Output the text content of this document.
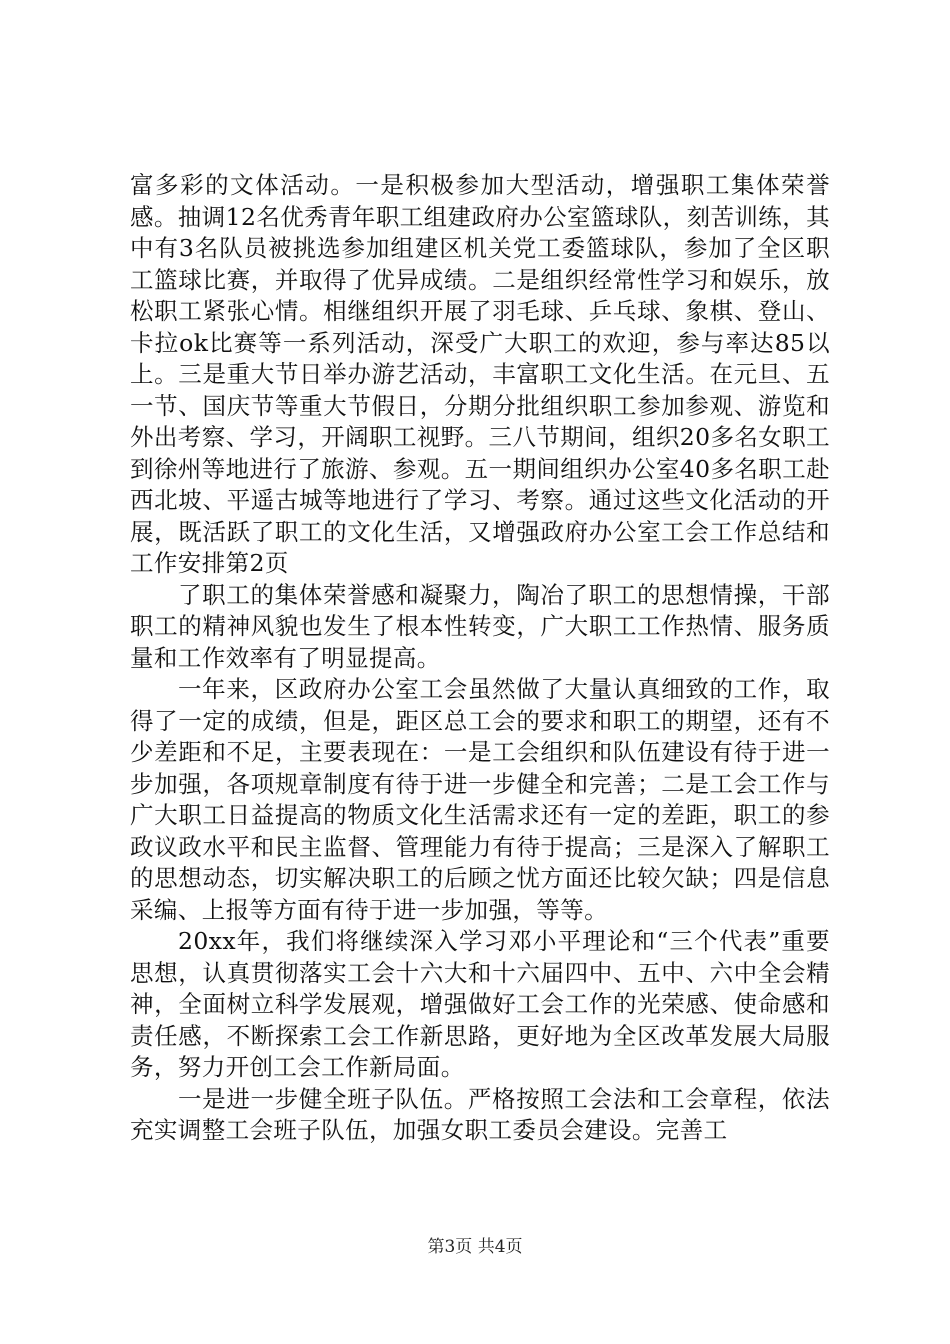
富多彩的文体活动。一是积极参加大型活动，增强职工集体荣誉感。抽调12名优秀青年职工组建政府办公室篮球队，刻苦训练，其中有3名队员被挑选参加组建区机关党工委篮球队，参加了全区职工篮球比赛，并取得了优异成绩。二是组织经常性学习和娱乐，放松职工紧张心情。相继组织开展了羽毛球、乒乓球、象棋、登山、卡拉ok比赛等一系列活动，深受广大职工的欢迎，参与率达85以上。三是重大节日举办游艺活动，丰富职工文化生活。在元旦、五一节、国庆节等重大节假日，分期分批组织职工参加参观、游览和外出考察、学习，开阔职工视野。三八节期间，组织20多名女职工到徐州等地进行了旅游、参观。五一期间组织办公室40多名职工赴西北坡、平遥古城等地进行了学习、考察。通过这些文化活动的开展，既活跃了职工的文化生活，又增强政府办公室工会工作总结和工作安排第2页

了职工的集体荣誉感和凝聚力，陶冶了职工的思想情操，干部职工的精神风貌也发生了根本性转变，广大职工工作热情、服务质量和工作效率有了明显提高。

一年来，区政府办公室工会虽然做了大量认真细致的工作，取得了一定的成绩，但是，距区总工会的要求和职工的期望，还有不少差距和不足，主要表现在：一是工会组织和队伍建设有待于进一步加强，各项规章制度有待于进一步健全和完善；二是工会工作与广大职工日益提高的物质文化生活需求还有一定的差距，职工的参政议政水平和民主监督、管理能力有待于提高；三是深入了解职工的思想动态，切实解决职工的后顾之忧方面还比较欠缺；四是信息采编、上报等方面有待于进一步加强，等等。

20xx年，我们将继续深入学习邓小平理论和“三个代表”重要思想，认真贯彻落实工会十六大和十六届四中、五中、六中全会精神，全面树立科学发展观，增强做好工会工作的光荣感、使命感和责任感，不断探索工会工作新思路，更好地为全区改革发展大局服务，努力开创工会工作新局面。

一是进一步健全班子队伍。严格按照工会法和工会章程，依法充实调整工会班子队伍，加强女职工委员会建设。完善工

第3页 共4页
